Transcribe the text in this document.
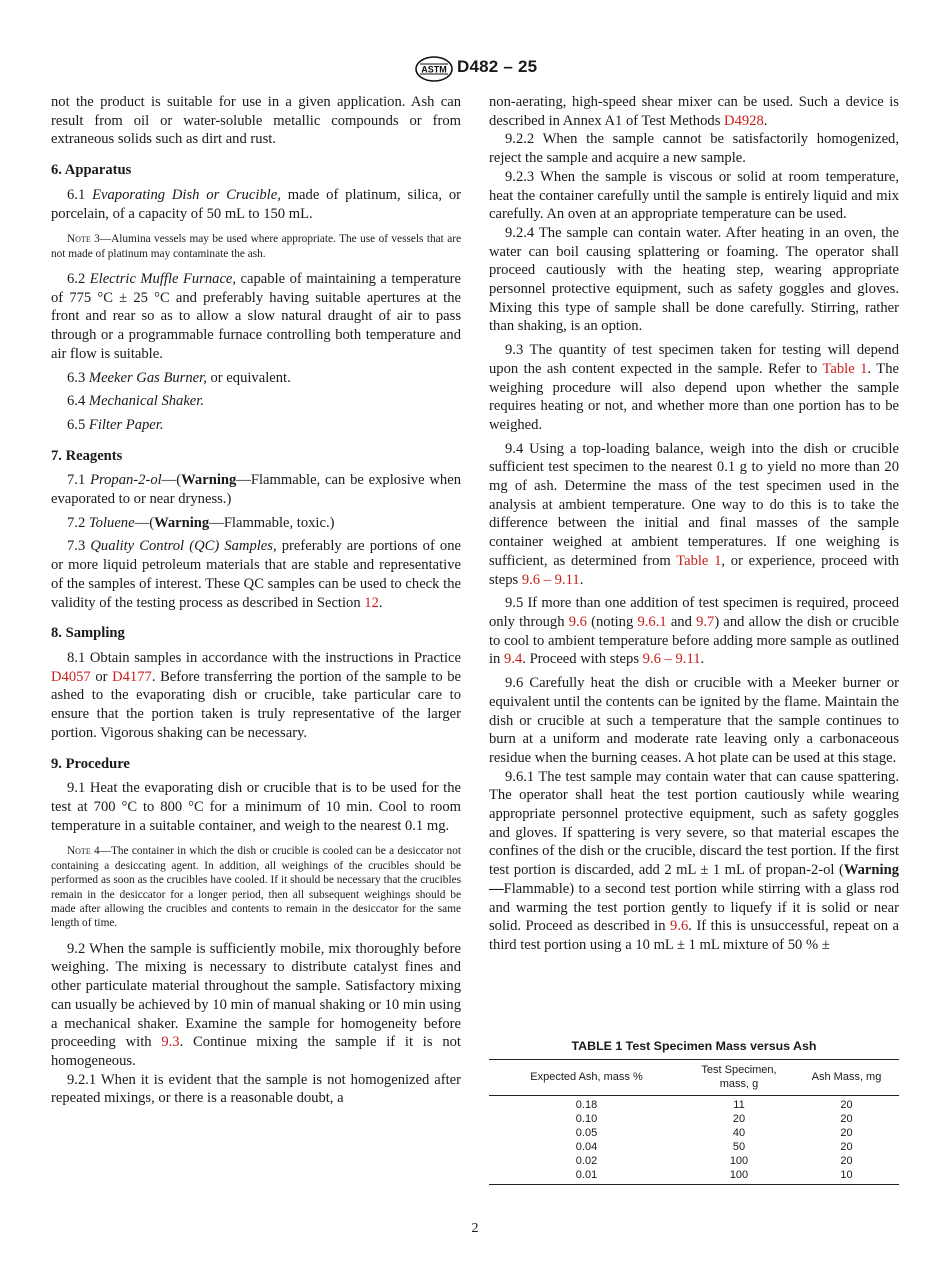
ASTM D482 – 25

not the product is suitable for use in a given application. Ash can result from oil or water-soluble metallic compounds or from extraneous solids such as dirt and rust.

6. Apparatus

6.1 Evaporating Dish or Crucible, made of platinum, silica, or porcelain, of a capacity of 50 mL to 150 mL.

Note 3—Alumina vessels may be used where appropriate. The use of vessels that are not made of platinum may contaminate the ash.

6.2 Electric Muffle Furnace, capable of maintaining a temperature of 775 °C ± 25 °C and preferably having suitable apertures at the front and rear so as to allow a slow natural draught of air to pass through or a programmable furnace controlling both temperature and air flow is suitable.

6.3 Meeker Gas Burner, or equivalent.

6.4 Mechanical Shaker.

6.5 Filter Paper.

7. Reagents

7.1 Propan-2-ol—(Warning—Flammable, can be explosive when evaporated to or near dryness.)

7.2 Toluene—(Warning—Flammable, toxic.)

7.3 Quality Control (QC) Samples, preferably are portions of one or more liquid petroleum materials that are stable and representative of the samples of interest. These QC samples can be used to check the validity of the testing process as described in Section 12.

8. Sampling

8.1 Obtain samples in accordance with the instructions in Practice D4057 or D4177. Before transferring the portion of the sample to be ashed to the evaporating dish or crucible, take particular care to ensure that the portion taken is truly representative of the larger portion. Vigorous shaking can be necessary.

9. Procedure

9.1 Heat the evaporating dish or crucible that is to be used for the test at 700 °C to 800 °C for a minimum of 10 min. Cool to room temperature in a suitable container, and weigh to the nearest 0.1 mg.

Note 4—The container in which the dish or crucible is cooled can be a desiccator not containing a desiccating agent. In addition, all weighings of the crucibles should be performed as soon as the crucibles have cooled. If it should be necessary that the crucibles remain in the desiccator for a longer period, then all subsequent weighings should be made after allowing the crucibles and contents to remain in the desiccator for the same length of time.

9.2 When the sample is sufficiently mobile, mix thoroughly before weighing. The mixing is necessary to distribute catalyst fines and other particulate material throughout the sample. Satisfactory mixing can usually be achieved by 10 min of manual shaking or 10 min using a mechanical shaker. Examine the sample for homogeneity before proceeding with 9.3. Continue mixing the sample if it is not homogeneous.

9.2.1 When it is evident that the sample is not homogenized after repeated mixings, or there is a reasonable doubt, a

non-aerating, high-speed shear mixer can be used. Such a device is described in Annex A1 of Test Methods D4928.

9.2.2 When the sample cannot be satisfactorily homogenized, reject the sample and acquire a new sample.

9.2.3 When the sample is viscous or solid at room temperature, heat the container carefully until the sample is entirely liquid and mix carefully. An oven at an appropriate temperature can be used.

9.2.4 The sample can contain water. After heating in an oven, the water can boil causing splattering or foaming. The operator shall proceed cautiously with the heating step, wearing appropriate personnel protective equipment, such as safety goggles and gloves. Mixing this type of sample shall be done carefully. Stirring, rather than shaking, is an option.

9.3 The quantity of test specimen taken for testing will depend upon the ash content expected in the sample. Refer to Table 1. The weighing procedure will also depend upon whether the sample requires heating or not, and whether more than one portion has to be weighed.

9.4 Using a top-loading balance, weigh into the dish or crucible sufficient test specimen to the nearest 0.1 g to yield no more than 20 mg of ash. Determine the mass of the test specimen used in the analysis at ambient temperature. One way to do this is to take the difference between the initial and final masses of the sample container weighed at ambient temperatures. If one weighing is sufficient, as determined from Table 1, or experience, proceed with steps 9.6 – 9.11.

9.5 If more than one addition of test specimen is required, proceed only through 9.6 (noting 9.6.1 and 9.7) and allow the dish or crucible to cool to ambient temperature before adding more sample as outlined in 9.4. Proceed with steps 9.6 – 9.11.

9.6 Carefully heat the dish or crucible with a Meeker burner or equivalent until the contents can be ignited by the flame. Maintain the dish or crucible at such a temperature that the sample continues to burn at a uniform and moderate rate leaving only a carbonaceous residue when the burning ceases. A hot plate can be used at this stage.

9.6.1 The test sample may contain water that can cause spattering. The operator shall heat the test portion cautiously while wearing appropriate personnel protective equipment, such as safety goggles and gloves. If spattering is very severe, so that material escapes the confines of the dish or the crucible, discard the test portion. If the first test portion is discarded, add 2 mL ± 1 mL of propan-2-ol (Warning—Flammable) to a second test portion while stirring with a glass rod and warming the test portion gently to liquefy if it is solid or near solid. Proceed as described in 9.6. If this is unsuccessful, repeat on a third test portion using a 10 mL ± 1 mL mixture of 50 % ±

TABLE 1 Test Specimen Mass versus Ash
Expected Ash, mass %	Test Specimen, mass, g	Ash Mass, mg
0.18	11	20
0.10	20	20
0.05	40	20
0.04	50	20
0.02	100	20
0.01	100	10
2
